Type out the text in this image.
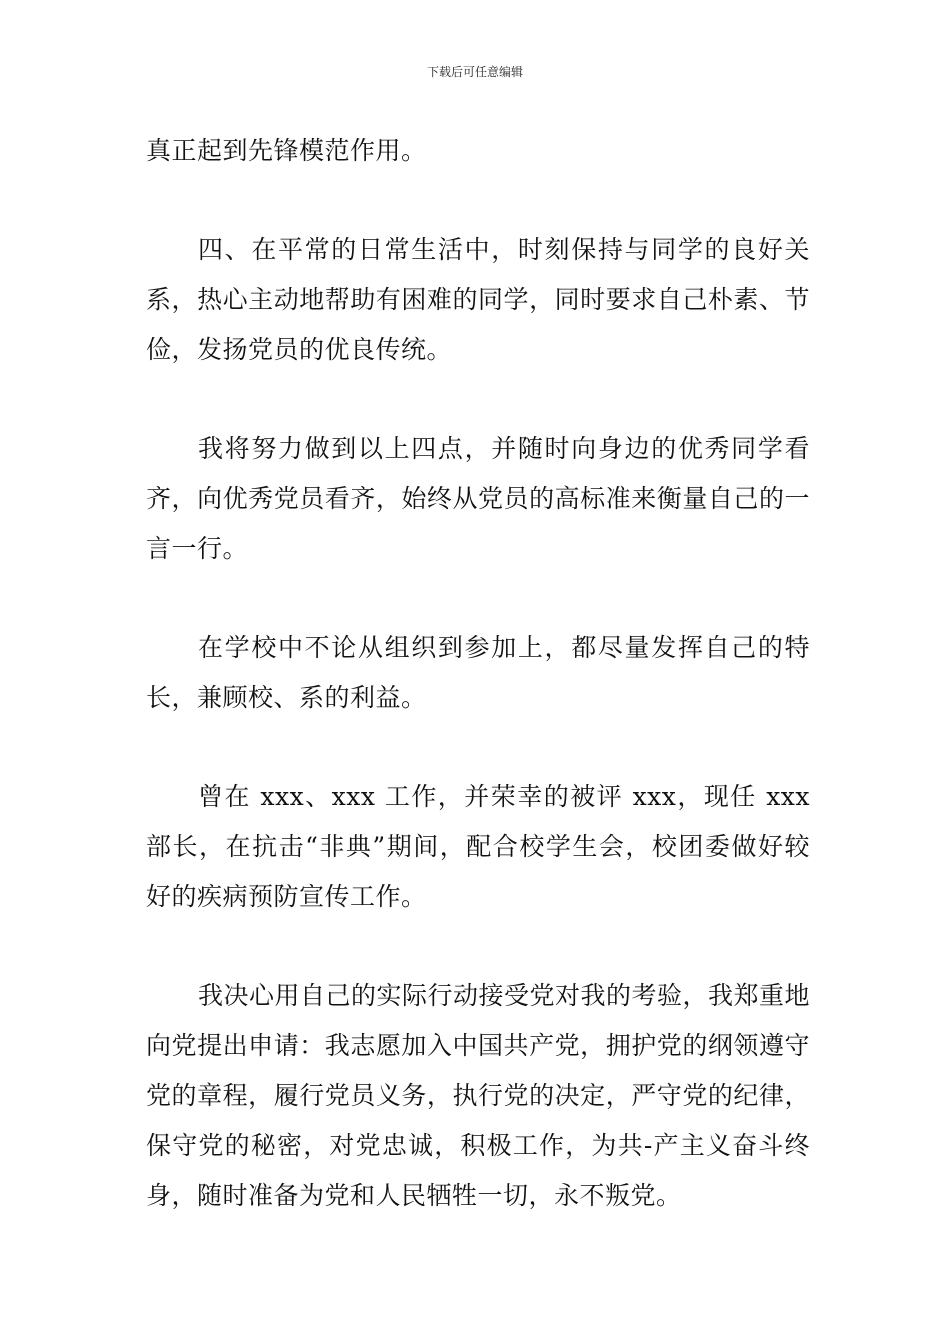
下载后可任意编辑

真正起到先锋模范作用。

四、在平常的日常生活中，时刻保持与同学的良好关系，热心主动地帮助有困难的同学，同时要求自己朴素、节俭，发扬党员的优良传统。

我将努力做到以上四点，并随时向身边的优秀同学看齐，向优秀党员看齐，始终从党员的高标准来衡量自己的一言一行。

在学校中不论从组织到参加上，都尽量发挥自己的特长，兼顾校、系的利益。

曾在 xxx、xxx 工作，并荣幸的被评 xxx，现任 xxx 部长，在抗击“非典”期间，配合校学生会，校团委做好较好的疾病预防宣传工作。

我决心用自己的实际行动接受党对我的考验，我郑重地向党提出申请：我志愿加入中国共产党，拥护党的纲领遵守党的章程，履行党员义务，执行党的决定，严守党的纪律，保守党的秘密，对党忠诚，积极工作，为共-产主义奋斗终身，随时准备为党和人民牺牲一切，永不叛党。
